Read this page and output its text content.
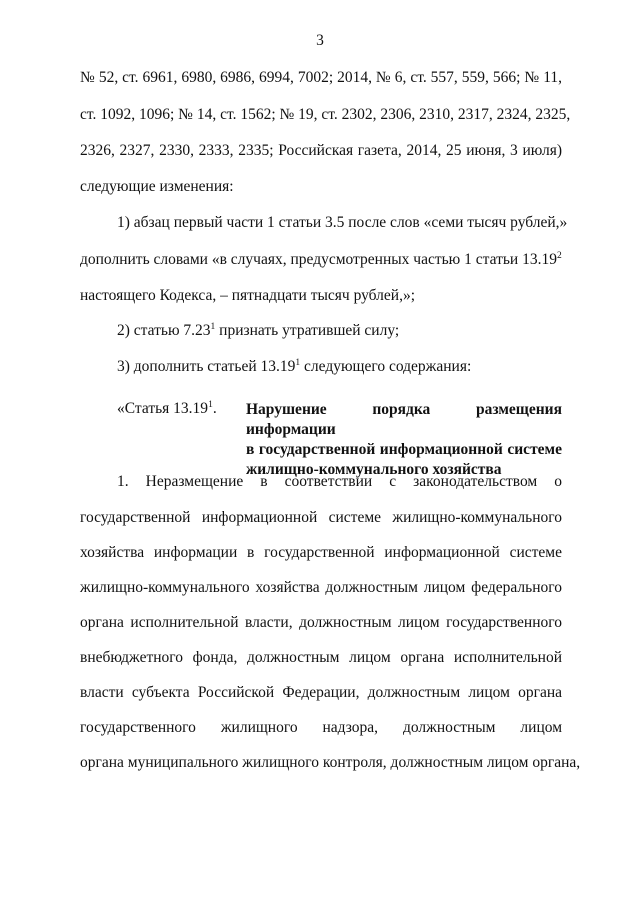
3
№ 52, ст. 6961, 6980, 6986, 6994, 7002; 2014, № 6, ст. 557, 559, 566; № 11,
ст. 1092, 1096; № 14, ст. 1562; № 19, ст. 2302, 2306, 2310, 2317, 2324, 2325,
2326, 2327, 2330, 2333, 2335; Российская газета, 2014, 25 июня, 3 июля)
следующие изменения:
1) абзац первый части 1 статьи 3.5 после слов «семи тысяч рублей,»
дополнить словами «в случаях, предусмотренных частью 1 статьи 13.19$^2$
настоящего Кодекса, – пятнадцати тысяч рублей,»;
2) статью 7.23$^1$ признать утратившей силу;
3) дополнить статьей 13.19$^1$ следующего содержания:
«Статья 13.19$^1$. Нарушение порядка размещения информации
в государственной информационной системе
жилищно-коммунального хозяйства
1. Неразмещение в соответствии с законодательством о
государственной информационной системе жилищно-коммунального
хозяйства информации в государственной информационной системе
жилищно-коммунального хозяйства должностным лицом федерального
органа исполнительной власти, должностным лицом государственного
внебюджетного фонда, должностным лицом органа исполнительной
власти субъекта Российской Федерации, должностным лицом органа
государственного жилищного надзора, должностным лицом
органа муниципального жилищного контроля, должностным лицом органа,
